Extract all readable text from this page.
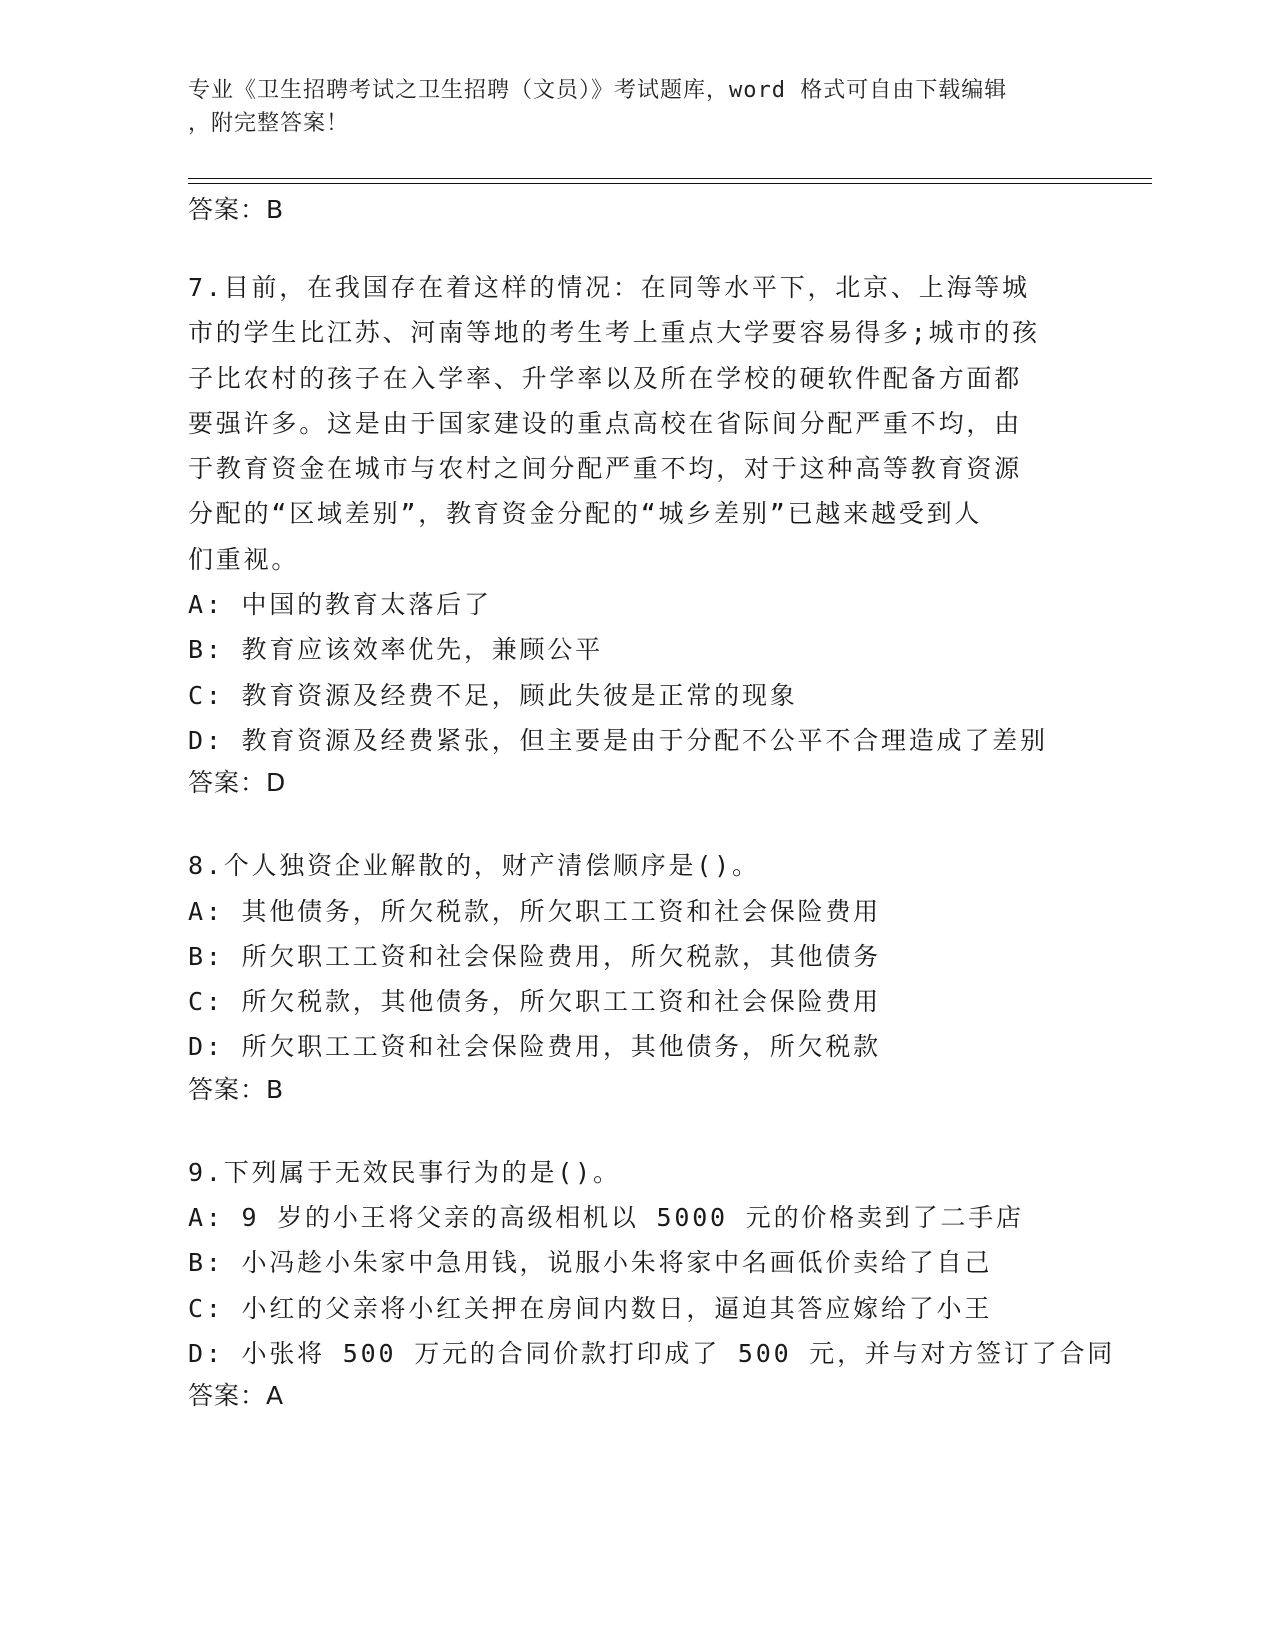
专业《卫生招聘考试之卫生招聘（文员）》考试题库，word 格式可自由下载编辑
，附完整答案！

答案：B

7.目前，在我国存在着这样的情况：在同等水平下，北京、上海等城

市的学生比江苏、河南等地的考生考上重点大学要容易得多;城市的孩

子比农村的孩子在入学率、升学率以及所在学校的硬软件配备方面都

要强许多。这是由于国家建设的重点高校在省际间分配严重不均，由

于教育资金在城市与农村之间分配严重不均，对于这种高等教育资源

分配的“区域差别”，教育资金分配的“城乡差别”已越来越受到人

们重视。

A: 中国的教育太落后了

B: 教育应该效率优先，兼顾公平

C: 教育资源及经费不足，顾此失彼是正常的现象

D: 教育资源及经费紧张，但主要是由于分配不公平不合理造成了差别

答案：D

8.个人独资企业解散的，财产清偿顺序是()。

A: 其他债务，所欠税款，所欠职工工资和社会保险费用

B: 所欠职工工资和社会保险费用，所欠税款，其他债务

C: 所欠税款，其他债务，所欠职工工资和社会保险费用

D: 所欠职工工资和社会保险费用，其他债务，所欠税款

答案：B

9.下列属于无效民事行为的是()。

A: 9 岁的小王将父亲的高级相机以 5000 元的价格卖到了二手店

B: 小冯趁小朱家中急用钱，说服小朱将家中名画低价卖给了自己

C: 小红的父亲将小红关押在房间内数日，逼迫其答应嫁给了小王

D: 小张将 500 万元的合同价款打印成了 500 元，并与对方签订了合同

答案：A
